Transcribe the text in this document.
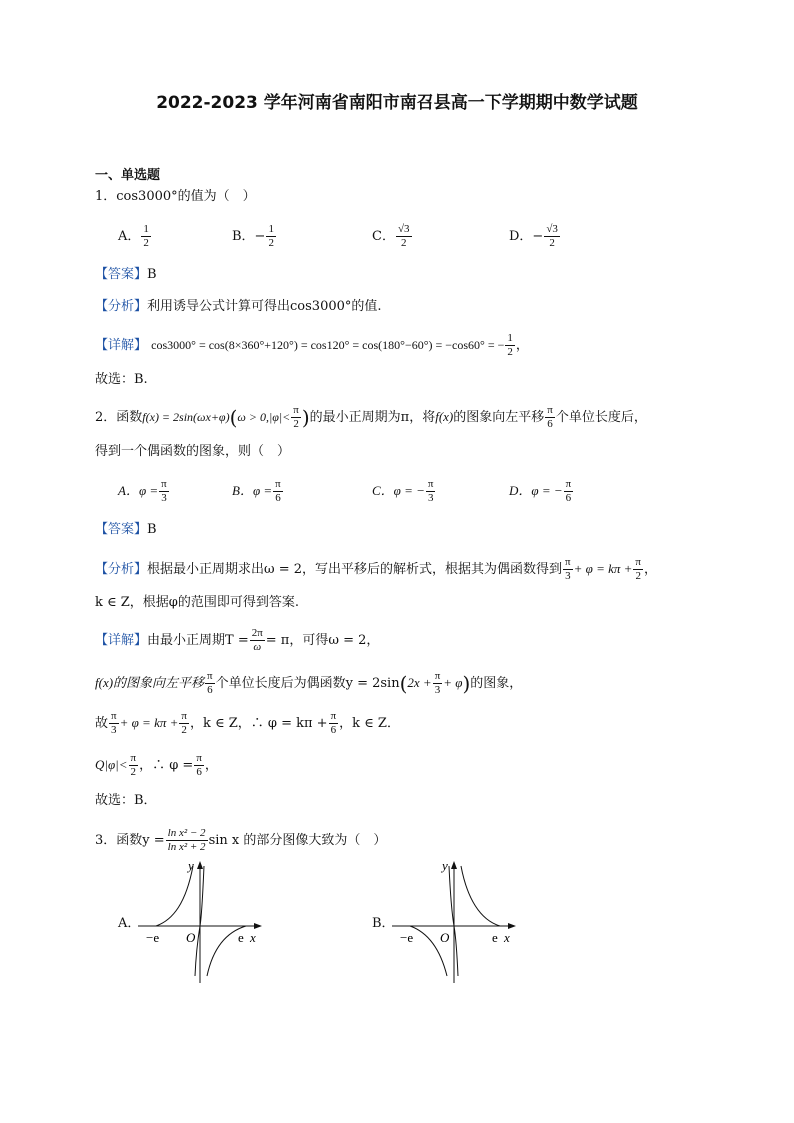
2022-2023 学年河南省南阳市南召县高一下学期期中数学试题
一、单选题
1．cos3000°的值为（　）
A． $\frac{1}{2}$	B．− $\frac{1}{2}$	C． $\frac{√3}{2}$	D．− $\frac{√3}{2}$
【答案】B
【分析】利用诱导公式计算可得出cos3000°的值.
【详解】 cos3000° = cos(8×360°+120°) = cos120° = cos(180°−60°) = −cos60° = − $\frac{1}{2}$ ，
故选：B.
2．函数$f(x) = 2\sin(\omega x+\varphi)(\omega > 0,|\varphi|< \frac{\pi}{2}$ )的最小正周期为π，将f(x)的图象向左平移 $\frac{\pi}{6}$ 个单位长度后，
得到一个偶函数的图象，则（　）
A．$\varphi = \frac{\pi}{3}$	B．$\varphi = \frac{\pi}{6}$	C．φ = − $\frac{\pi}{3}$	D．φ = − $\frac{\pi}{6}$
【答案】B
【分析】根据最小正周期求出ω = 2，写出平移后的解析式，根据其为偶函数得到 $\frac{\pi}{3} + \varphi = k\pi + \frac{\pi}{2}$ ，
k ∈ Z，根据φ的范围即可得到答案.
【详解】由最小正周期$T = \frac{2\pi}{\omega} = \pi$，可得ω = 2，
f(x)的图象向左平移 $\frac{\pi}{6}$ 个单位长度后为偶函数$y = 2\sin(2x + \frac{\pi}{3} + \varphi)$的图象，
故 $\frac{\pi}{3} + \varphi = k\pi + \frac{\pi}{2}$ ，k ∈ Z，∴ $\varphi = k\pi + \frac{\pi}{6}$ ，k ∈ Z．
$Q|\varphi|< \frac{\pi}{2}$ ，∴ $\varphi = \frac{\pi}{6}$ ，
故选：B．
3．函数$y = \frac{\text{ln x² − 2}}{\text{ln x² + 2}}$ sin x 的部分图像大致为（　）
A．
y
x
O
−e	e
B．
y
x
O
−e	e
